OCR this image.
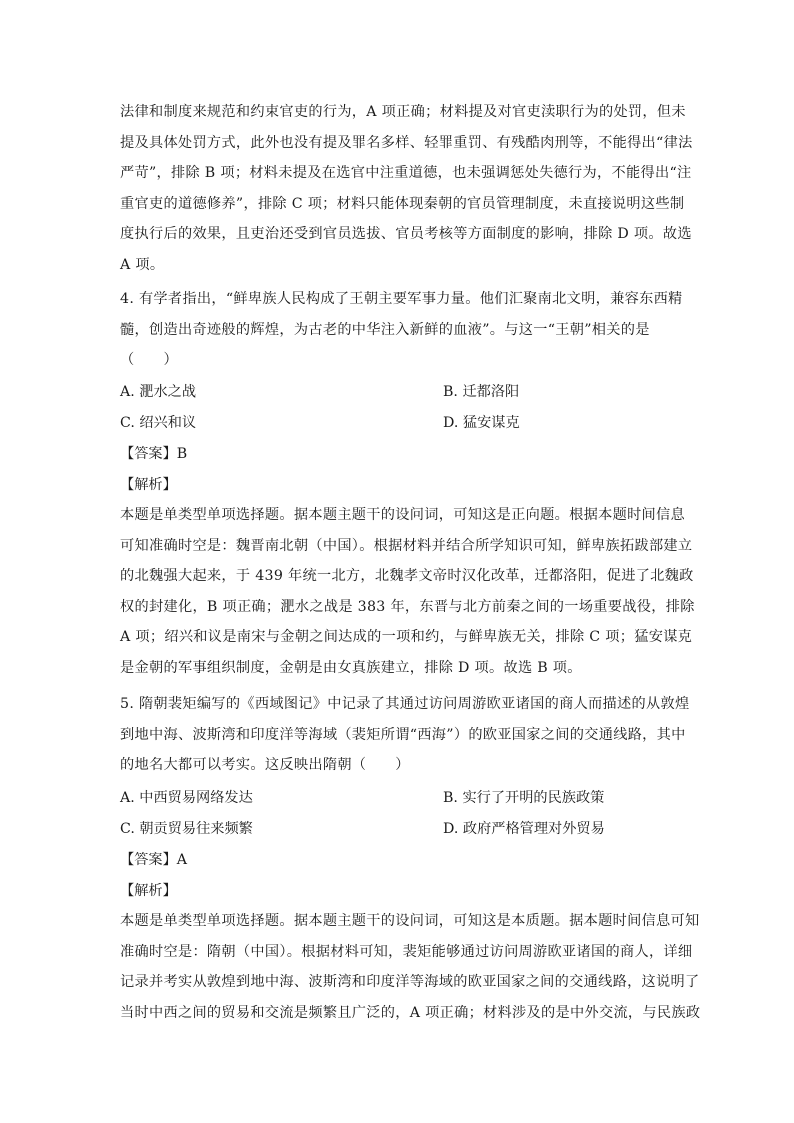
法律和制度来规范和约束官吏的行为，A 项正确；材料提及对官吏渎职行为的处罚，但未
提及具体处罚方式，此外也没有提及罪名多样、轻罪重罚、有残酷肉刑等，不能得出“律法
严苛”，排除 B 项；材料未提及在选官中注重道德，也未强调惩处失德行为，不能得出“注
重官吏的道德修养”，排除 C 项；材料只能体现秦朝的官员管理制度，未直接说明这些制
度执行后的效果，且吏治还受到官员选拔、官员考核等方面制度的影响，排除 D 项。故选
A 项。
4. 有学者指出，“鲜卑族人民构成了王朝主要军事力量。他们汇聚南北文明，兼容东西精
髓，创造出奇迹般的辉煌，为古老的中华注入新鲜的血液”。与这一“王朝”相关的是
（　　）
A. 淝水之战	B. 迁都洛阳
C. 绍兴和议	D. 猛安谋克
【答案】B
【解析】
本题是单类型单项选择题。据本题主题干的设问词，可知这是正向题。根据本题时间信息
可知准确时空是：魏晋南北朝（中国）。根据材料并结合所学知识可知，鲜卑族拓跋部建立
的北魏强大起来，于 439 年统一北方，北魏孝文帝时汉化改革，迁都洛阳，促进了北魏政
权的封建化，B 项正确；淝水之战是 383 年，东晋与北方前秦之间的一场重要战役，排除
A 项；绍兴和议是南宋与金朝之间达成的一项和约，与鲜卑族无关，排除 C 项；猛安谋克
是金朝的军事组织制度，金朝是由女真族建立，排除 D 项。故选 B 项。
5. 隋朝裴矩编写的《西域图记》中记录了其通过访问周游欧亚诸国的商人而描述的从敦煌
到地中海、波斯湾和印度洋等海域（裴矩所谓“西海”）的欧亚国家之间的交通线路，其中
的地名大都可以考实。这反映出隋朝（　　）
A. 中西贸易网络发达	B. 实行了开明的民族政策
C. 朝贡贸易往来频繁	D. 政府严格管理对外贸易
【答案】A
【解析】
本题是单类型单项选择题。据本题主题干的设问词，可知这是本质题。据本题时间信息可知
准确时空是：隋朝（中国）。根据材料可知，裴矩能够通过访问周游欧亚诸国的商人，详细
记录并考实从敦煌到地中海、波斯湾和印度洋等海域的欧亚国家之间的交通线路，这说明了
当时中西之间的贸易和交流是频繁且广泛的，A 项正确；材料涉及的是中外交流，与民族政
